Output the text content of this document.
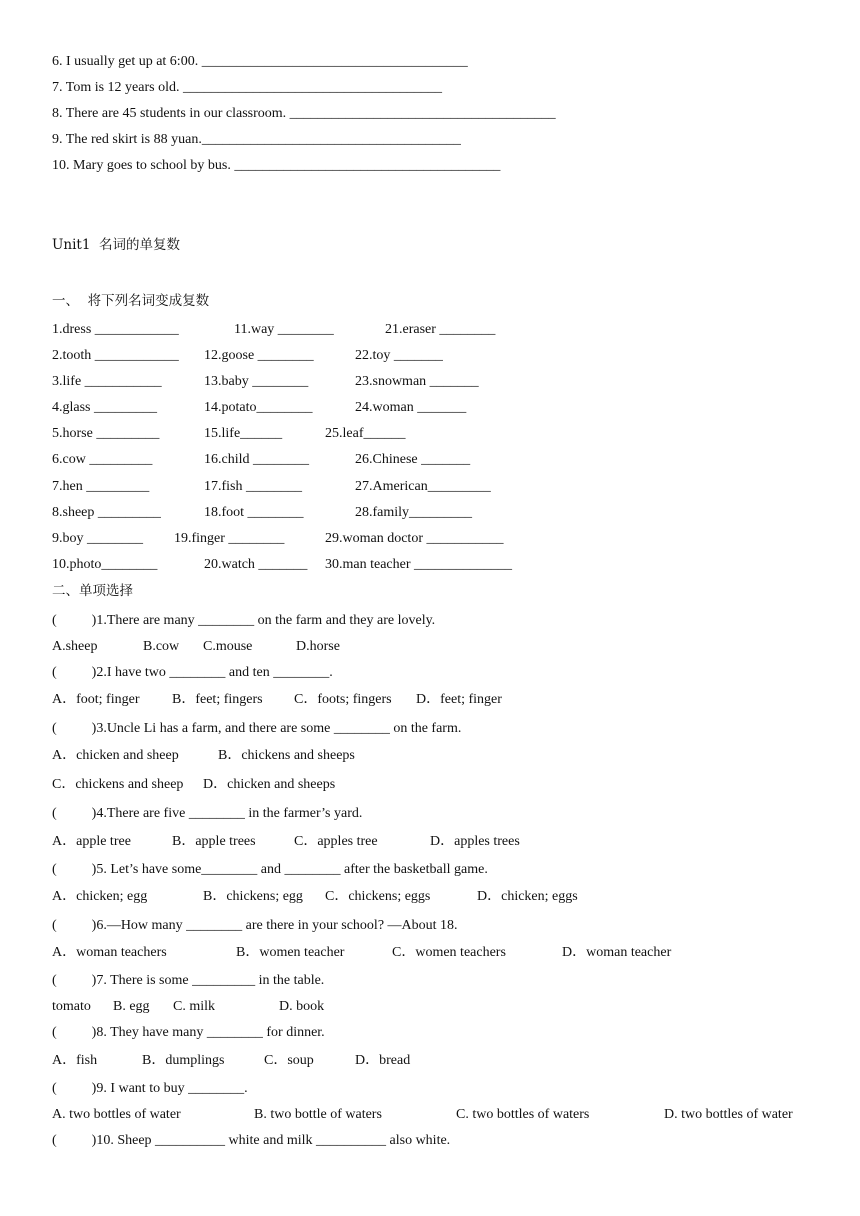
6. I usually get up at 6:00. ______________________________________
7. Tom is 12 years old. _____________________________________
8. There are 45 students in our classroom. ______________________________________
9. The red skirt is 88 yuan._____________________________________
10. Mary goes to school by bus. ______________________________________
Unit1  名词的单复数
一、  将下列名词变成复数
1.dress ____________	11.way ________	21.eraser ________
2.tooth ____________ 12.goose ________	22.toy _______
3.life ___________	13.baby ________	23.snowman _______
4.glass _________	14.potato________	24.woman _______
5.horse _________	15.life______	25.leaf______
6.cow _________	16.child ________	26.Chinese _______
7.hen _________	17.fish ________	27.American_________
8.sheep _________	18.foot ________	28.family_________
9.boy ________ 19.finger ________	29.woman doctor ___________
10.photo________	20.watch _______ 30.man teacher ______________
二、单项选择
(          )1.There are many ________ on the farm and they are lovely.
A.sheep	B.cow C.mouse	D.horse
(          )2.I have two ________ and ten ________.
A．foot; finger B．feet; fingers C．foots; fingers D．feet; finger
(          )3.Uncle Li has a farm, and there are some ________ on the farm.
A．chicken and sheep	B．chickens and sheeps
C．chickens and sheep D．chicken and sheeps
(          )4.There are five ________ in the farmer’s yard.
A．apple tree	B．apple trees	C．apples tree	D．apples trees
(          )5. Let’s have some________ and ________ after the basketball game.
A．chicken; egg	B．chickens; egg C．chickens; eggs	D．chicken; eggs
(          )6.—How many ________ are there in your school? —About 18.
A．woman teachers	B．women teacher	C．women teachers	D．woman teacher
(          )7. There is some _________ in the table.
tomato B. egg C. milk	D. book
(          )8. They have many ________ for dinner.
A．fish	B．dumplings	C．soup	D．bread
(          )9. I want to buy ________.
A. two bottles of water	B. two bottle of waters	C. two bottles of waters	D. two bottles of water
(          )10. Sheep __________ white and milk __________ also white.
